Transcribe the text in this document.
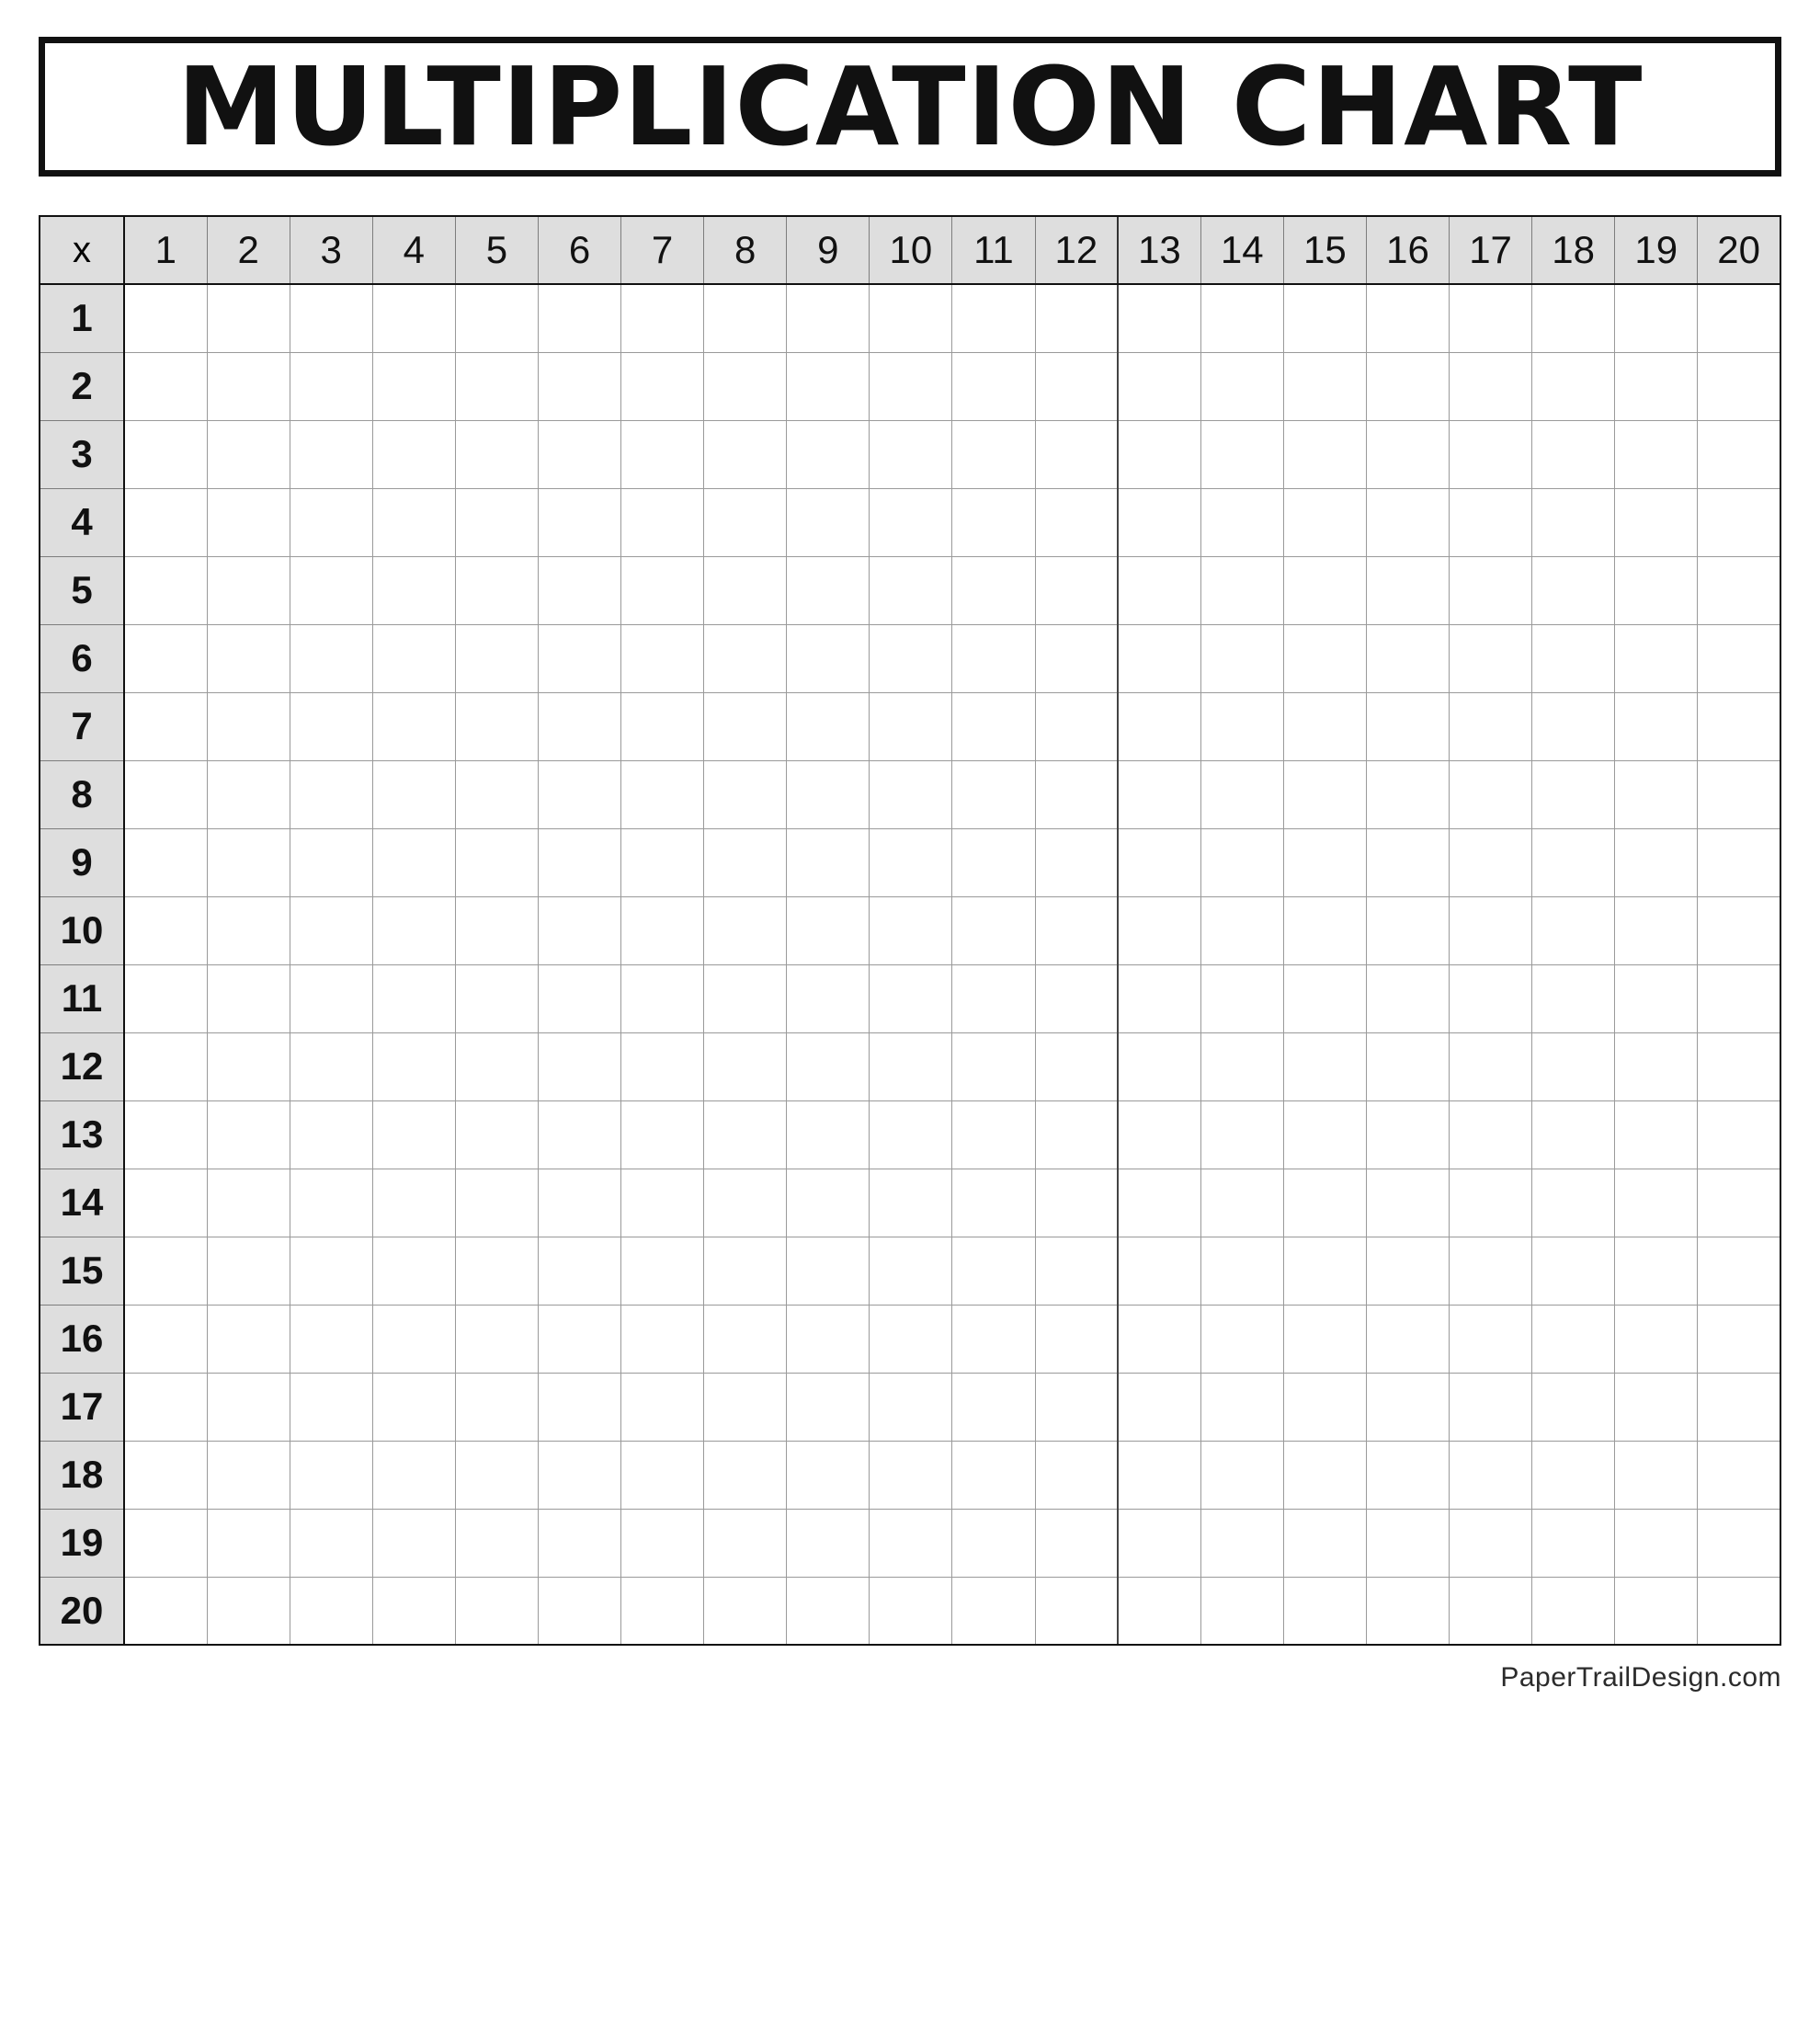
MULTIPLICATION CHART
x	1	2	3	4	5	6	7	8	9	10	11	12	13	14	15	16	17	18	19	20
1																				
2																				
3																				
4																				
5																				
6																				
7																				
8																				
9																				
10																				
11																				
12																				
13																				
14																				
15																				
16																				
17																				
18																				
19																				
20																				
PaperTrailDesign.com
